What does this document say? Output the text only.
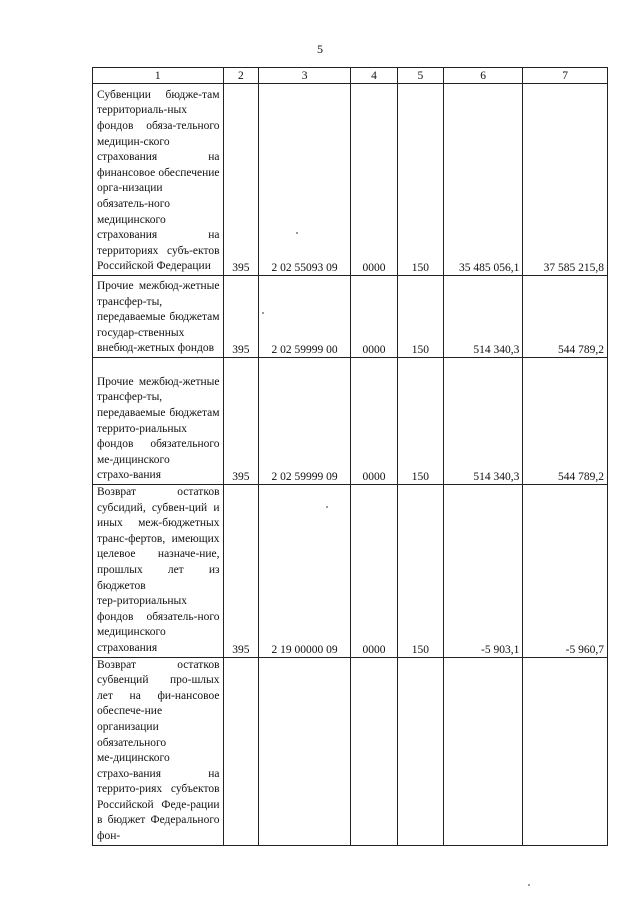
5
1	2	3	4	5	6	7
Субвенции бюдже-там территориаль-ных фондов обяза-тельного медицин-ского страхования на финансовое обеспечение орга-низации обязатель-ного медицинского страхования на территориях субъ-ектов Российской Федерации	395	2 02 55093 09	0000	150	35 485 056,1	37 585 215,8
Прочие межбюд-жетные трансфер-ты, передаваемые бюджетам государ-ственных внебюд-жетных фондов	395	2 02 59999 00	0000	150	514 340,3	544 789,2
Прочие межбюд-жетные трансфер-ты, передаваемые бюджетам террито-риальных фондов обязательного ме-дицинского страхо-вания	395	2 02 59999 09	0000	150	514 340,3	544 789,2
Возврат остатков субсидий, субвен-ций и иных меж-бюджетных транс-фертов, имеющих целевое назначе-ние, прошлых лет из бюджетов тер-риториальных фондов обязатель-ного медицинского страхования	395	2 19 00000 09	0000	150	-5 903,1	-5 960,7
Возврат остатков субвенций про-шлых лет на фи-нансовое обеспече-ние организации обязательного ме-дицинского страхо-вания на террито-риях субъектов Российской Феде-рации в бюджет Федерального фон-						
